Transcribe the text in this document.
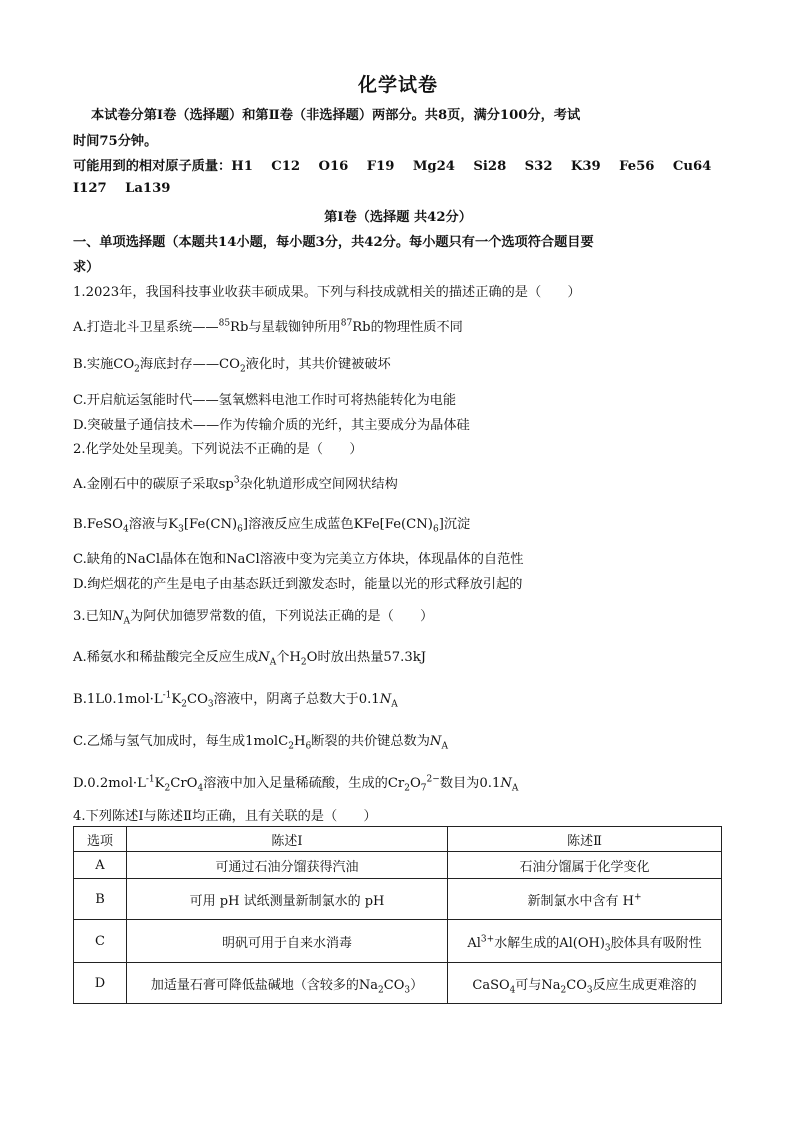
化学试卷
本试卷分第Ⅰ卷（选择题）和第Ⅱ卷（非选择题）两部分。共8页，满分100分，考试
时间75分钟。
可能用到的相对原子质量：H1 C12 O16 F19 Mg24 Si28 S32 K39 Fe56 Cu64
I127 La139
第Ⅰ卷（选择题 共42分）
一、单项选择题（本题共14小题，每小题3分，共42分。每小题只有一个选项符合题目要
求）
1.2023年，我国科技事业收获丰硕成果。下列与科技成就相关的描述正确的是（　　）
A.打造北斗卫星系统——$^{85}$Rb与星载铷钟所用$^{87}$Rb的物理性质不同
B.实施$CO_2$海底封存$——CO_2$液化时，其共价键被破坏
C.开启航运氢能时代——氢氧燃料电池工作时可将热能转化为电能
D.突破量子通信技术——作为传输介质的光纤，其主要成分为晶体硅
2.化学处处呈现美。下列说法不正确的是（　　）
A.金刚石中的碳原子采取$sp^3$杂化轨道形成空间网状结构
B.FeSO$_4$溶液与$K_3[Fe(CN)_6]$溶液反应生成蓝色$KFe[Fe(CN)_6]$沉淀
C.缺角的NaCl晶体在饱和NaCl溶液中变为完美立方体块，体现晶体的自范性
D.绚烂烟花的产生是电子由基态跃迁到激发态时，能量以光的形式释放引起的
3.已知$N_A$为阿伏加德罗常数的值，下列说法正确的是（　　）
A.稀氨水和稀盐酸完全反应生成$N_A$个$H_2O$时放出热量57.3kJ
$B.1L0.1mol\cdot L^{-1}K_2CO_3$溶液中，阴离子总数大于$0.1N_A$
C.乙烯与氢气加成时，每生成$1molC_2H_6$断裂的共价键总数为$N_A$
$D.0.2mol\cdot L^{-1}K_2CrO_4$溶液中加入足量稀硫酸，生成的$Cr_2O_7^{2-}$数目为$0.1N_A$
4.下列陈述Ⅰ与陈述Ⅱ均正确，且有关联的是（　　）
选项	陈述Ⅰ	陈述Ⅱ
A	可通过石油分馏获得汽油	石油分馏属于化学变化
B	可用 pH 试纸测量新制氯水的 pH	新制氯水中含有 H+
C	明矾可用于自来水消毒	$Al^{3+}$水解生成的$Al(OH)_3$胶体具有吸附性
D	加适量石膏可降低盐碱地（含较多的$Na_2CO_3$）	CaSO$_4$可与$Na_2CO_3$反应生成更难溶的
